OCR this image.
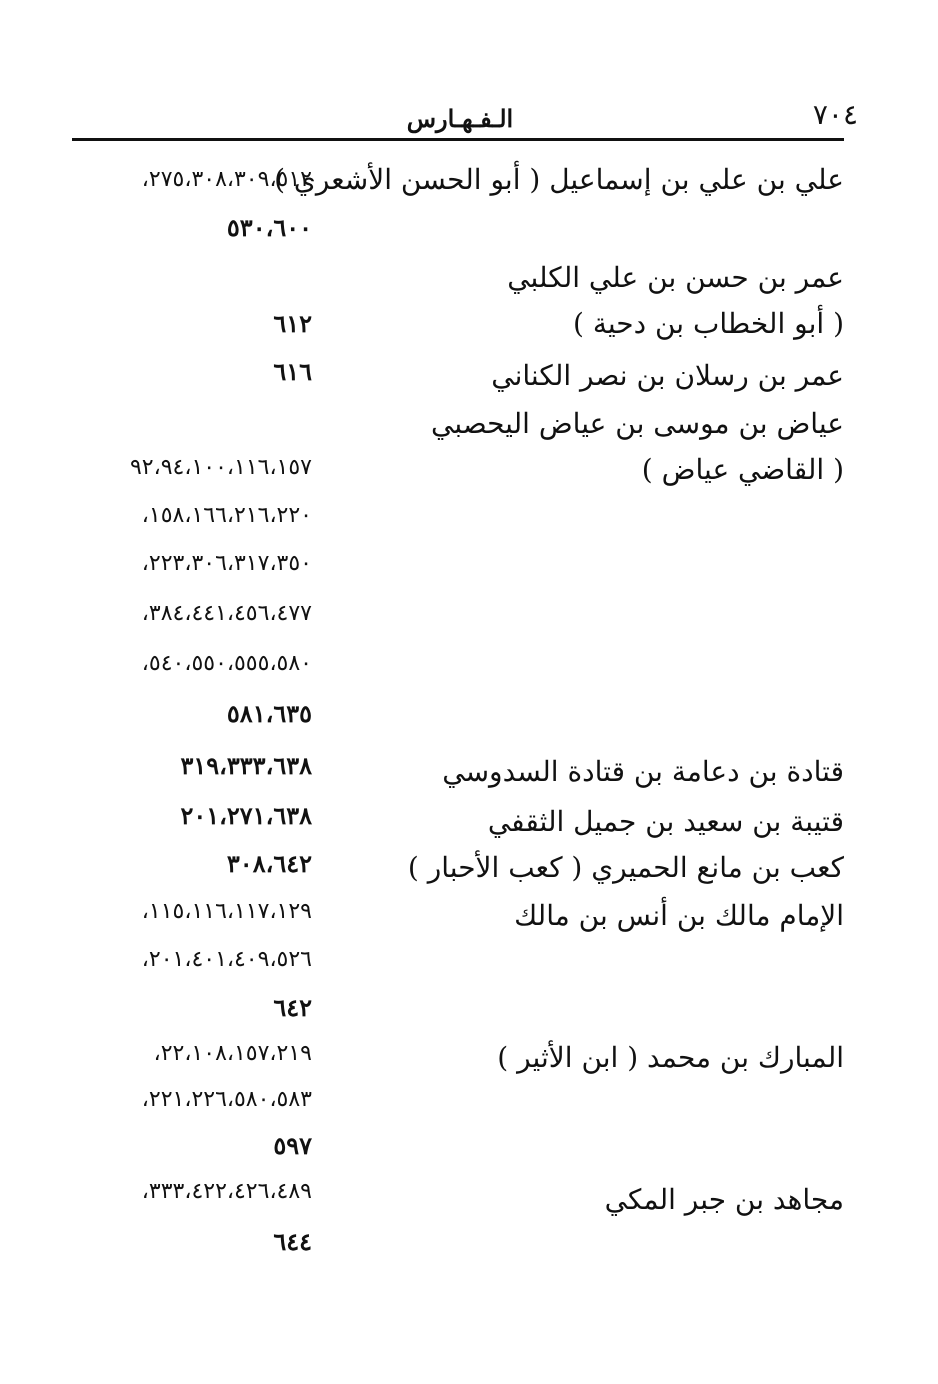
٧٠٤
الـفـهـارس
علي بن علي بن إسماعيل ( أبو الحسن الأشعري )
٢٧٥،٣٠٨،٣٠٩،٥١٢،
٥٣٠،٦٠٠
عمر بن حسن بن علي الكلبي
( أبو الخطاب بن دحية )
٦١٢
عمر بن رسلان بن نصر الكناني
٦١٦
عياض بن موسى بن عياض اليحصبي
( القاضي عياض )
٩٢،٩٤،١٠٠،١١٦،١٥٧
١٥٨،١٦٦،٢١٦،٢٢٠،
٢٢٣،٣٠٦،٣١٧،٣٥٠،
٣٨٤،٤٤١،٤٥٦،٤٧٧،
٥٤٠،٥٥٠،٥٥٥،٥٨٠،
٥٨١،٦٣٥
قتادة بن دعامة بن قتادة السدوسي
٣١٩،٣٣٣،٦٣٨
قتيبة بن سعيد بن جميل الثقفي
٢٠١،٢٧١،٦٣٨
كعب بن مانع الحميري ( كعب الأحبار )
٣٠٨،٦٤٢
الإمام مالك بن أنس بن مالك
١١٥،١١٦،١١٧،١٢٩،
٢٠١،٤٠١،٤٠٩،٥٢٦،
٦٤٢
المبارك بن محمد ( ابن الأثير )
٢٢،١٠٨،١٥٧،٢١٩،
٢٢١،٢٢٦،٥٨٠،٥٨٣،
٥٩٧
مجاهد بن جبر المكي
٣٣٣،٤٢٢،٤٢٦،٤٨٩،
٦٤٤
